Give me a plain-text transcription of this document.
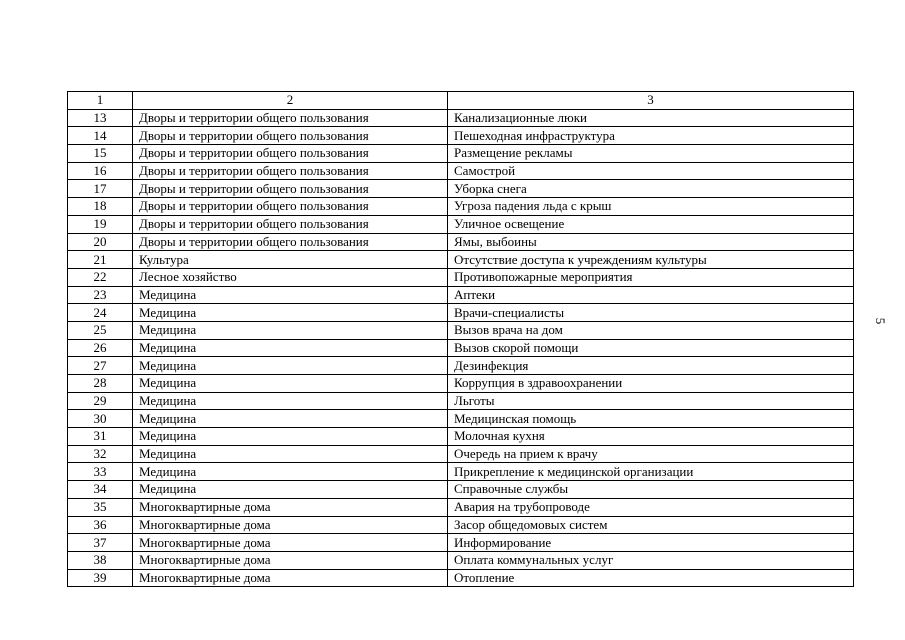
1	2	3
13	Дворы и территории общего пользования	Канализационные люки
14	Дворы и территории общего пользования	Пешеходная инфраструктура
15	Дворы и территории общего пользования	Размещение рекламы
16	Дворы и территории общего пользования	Самострой
17	Дворы и территории общего пользования	Уборка снега
18	Дворы и территории общего пользования	Угроза падения льда с крыш
19	Дворы и территории общего пользования	Уличное освещение
20	Дворы и территории общего пользования	Ямы, выбоины
21	Культура	Отсутствие доступа к учреждениям культуры
22	Лесное хозяйство	Противопожарные мероприятия
23	Медицина	Аптеки
24	Медицина	Врачи-специалисты
25	Медицина	Вызов врача на дом
26	Медицина	Вызов скорой помощи
27	Медицина	Дезинфекция
28	Медицина	Коррупция в здравоохранении
29	Медицина	Льготы
30	Медицина	Медицинская помощь
31	Медицина	Молочная кухня
32	Медицина	Очередь на прием к врачу
33	Медицина	Прикрепление к медицинской организации
34	Медицина	Справочные службы
35	Многоквартирные дома	Авария на трубопроводе
36	Многоквартирные дома	Засор общедомовых систем
37	Многоквартирные дома	Информирование
38	Многоквартирные дома	Оплата коммунальных услуг
39	Многоквартирные дома	Отопление
5
